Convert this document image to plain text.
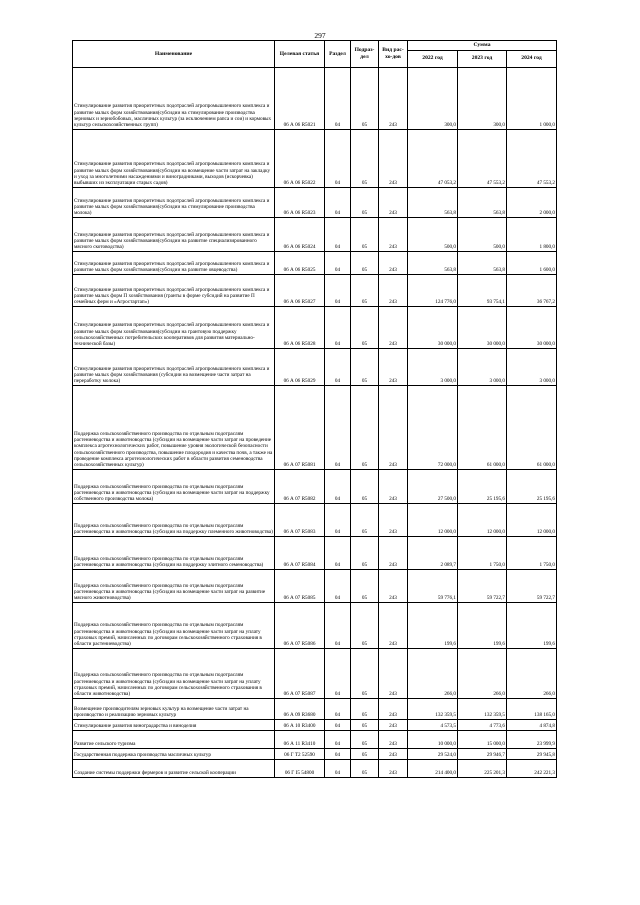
297
Наименование	Целевая статья	Раздел	Подраз-дел	Вид рас-хо-дов	Сумма		
					2022 год	2023 год	2024 год
Стимулирование развития приоритетных подотраслей агропромышленного комплекса и развитие малых форм хозяйствования(субсидии на стимулирование производства зерновых и зернобобовых, масличных культур (за исключением рапса и сои) и кормовых культур сельскохозяйственных групп)	06 А 06 R5021	04	05	243	300,0	300,0	1 000,0
Стимулирование развития приоритетных подотраслей агропромышленного комплекса и развитие малых форм хозяйствования(субсидии на возмещение части затрат на закладку и уход за многолетними насаждениями и виноградниками, выходов (искорчевка) выбывших из эксплуатации старых садов)	06 А 06 R5022	04	05	243	47 053,2	47 553,2	47 553,2
Стимулирование развития приоритетных подотраслей агропромышленного комплекса и развитие малых форм хозяйствования(субсидии на стимулирование производства молока)	06 А 06 R5023	04	05	243	563,8	563,8	2 000,0
Стимулирование развития приоритетных подотраслей агропромышленного комплекса и развитие малых форм хозяйствования(субсидии на развитие специализированного мясного скотоводства)	06 А 06 R5024	04	05	243	500,0	500,0	1 800,0
Стимулирование развития приоритетных подотраслей агропромышленного комплекса и развитие малых форм хозяйствования(субсидии на развитие овцеводства)	06 А 06 R5025	04	05	243	563,8	563,8	1 600,0
Стимулирование развития приоритетных подотраслей агропромышленного комплекса и развитие малых форм П хозяйствования (гранты в форме субсидий на развитие П семейных ферм и «Агростартап»)	06 А 06 R5027	04	05	243	124 776,0	93 754,1	36 767,2
Стимулирование развития приоритетных подотраслей агропромышленного комплекса и развитие малых форм хозяйствования(субсидии на грантовую поддержку сельскохозяйственных потребительских кооперативов для развития материально-технической базы)	06 А 06 R5028	04	05	243	30 000,0	30 000,0	30 000,0
Стимулирование развития приоритетных подотраслей агропромышленного комплекса и развитие малых форм хозяйствования (субсидии на возмещение части затрат на переработку молока)	06 А 06 R5029	04	05	243	3 000,0	3 000,0	3 000,0
Поддержка сельскохозяйственного производства по отдельным подотраслям растениеводства и животноводства (субсидии на возмещение части затрат на проведение комплекса агротехнологических работ, повышение уровня экологической безопасности сельскохозяйственного производства, повышение плодородия и качества почв, а также на проведение комплекса агротехнологических работ в области развития семеноводства сельскохозяйственных культур)	06 А 07 R5081	04	05	243	72 000,0	61 000,0	61 000,0
Поддержка сельскохозяйственного производства по отдельным подотраслям растениеводства и животноводства (субсидии на возмещение части затрат на поддержку собственного производства молока)	06 А 07 R5082	04	05	243	27 500,0	25 195,6	25 195,6
Поддержка сельскохозяйственного производства по отдельным подотраслям растениеводства и животноводства (субсидии на поддержку племенного животноводства)	06 А 07 R5083	04	05	243	12 000,0	12 000,0	12 000,0
Поддержка сельскохозяйственного производства по отдельным подотраслям растениеводства и животноводства (субсидии на поддержку элитного семеноводства)	06 А 07 R5084	04	05	243	2 089,7	1 750,0	1 750,0
Поддержка сельскохозяйственного производства по отдельным подотраслям растениеводства и животноводства (субсидии на возмещение части затрат на развитие мясного животноводства)	06 А 07 R5085	04	05	243	59 776,1	59 722,7	59 722,7
Поддержка сельскохозяйственного производства по отдельным подотраслям растениеводства и животноводства (субсидии на возмещение части затрат на уплату страховых премий, начисленных по договорам сельскохозяйственного страхования в области растениеводства)	06 А 07 R5086	04	05	243	199,6	199,6	199,6
Поддержка сельскохозяйственного производства по отдельным подотраслям растениеводства и животноводства (субсидии на возмещение части затрат на уплату страховых премий, начисленных по договорам сельскохозяйственного страхования в области животноводства)	06 А 07 R5087	04	05	243	266,0	266,0	266,0
Возмещение производителям зерновых культур на возмещение части затрат на производство и реализацию зерновых культур	06 А 09 R3680	04	05	243	132 359,5	132 359,5	138 165,0
Стимулирование развития виноградарства и виноделия	06 А 10 R3400	04	05	243	4 573,5	4 773,6	4 874,8
Развитие сельского туризма	06 А 11 R3410	04	05	243	10 000,0	15 000,0	23 999,9
Государственная поддержка производства масличных культур	06 Г Т2 52590	04	05	243	29 524,0	29 946,7	29 945,8
Создание системы поддержки фермеров и развитие сельской кооперации	06 Г I5 54800	04	05	243	214 400,0	225 201,3	242 221,3
